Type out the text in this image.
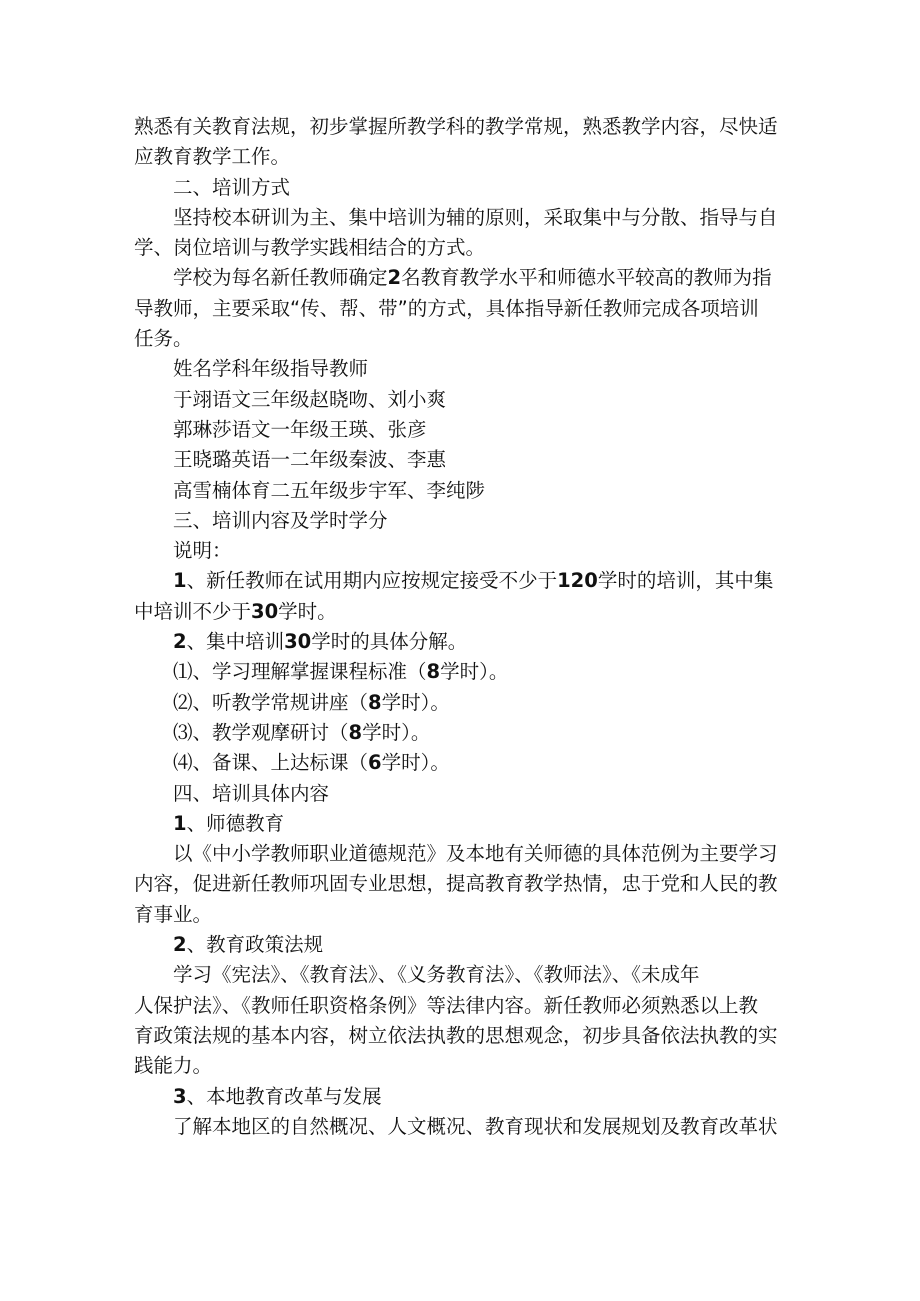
熟悉有关教育法规，初步掌握所教学科的教学常规，熟悉教学内容，尽快适
应教育教学工作。
二、培训方式
坚持校本研训为主、集中培训为辅的原则，采取集中与分散、指导与自
学、岗位培训与教学实践相结合的方式。
学校为每名新任教师确定2名教育教学水平和师德水平较高的教师为指
导教师，主要采取“传、帮、带”的方式，具体指导新任教师完成各项培训
任务。
姓名学科年级指导教师
于翊语文三年级赵晓吻、刘小爽
郭琳莎语文一年级王瑛、张彦
王晓璐英语一二年级秦波、李惠
高雪楠体育二五年级步宇军、李纯陟
三、培训内容及学时学分
说明：
1、新任教师在试用期内应按规定接受不少于120学时的培训，其中集
中培训不少于30学时。
2、集中培训30学时的具体分解。
⑴、学习理解掌握课程标准（8学时）。
⑵、听教学常规讲座（8学时）。
⑶、教学观摩研讨（8学时）。
⑷、备课、上达标课（6学时）。
四、培训具体内容
1、师德教育
以《中小学教师职业道德规范》及本地有关师德的具体范例为主要学习
内容，促进新任教师巩固专业思想，提高教育教学热情，忠于党和人民的教
育事业。
2、教育政策法规
学习《宪法》、《教育法》、《义务教育法》、《教师法》、《未成年
人保护法》、《教师任职资格条例》等法律内容。新任教师必须熟悉以上教
育政策法规的基本内容，树立依法执教的思想观念，初步具备依法执教的实
践能力。
3、本地教育改革与发展
了解本地区的自然概况、人文概况、教育现状和发展规划及教育改革状
